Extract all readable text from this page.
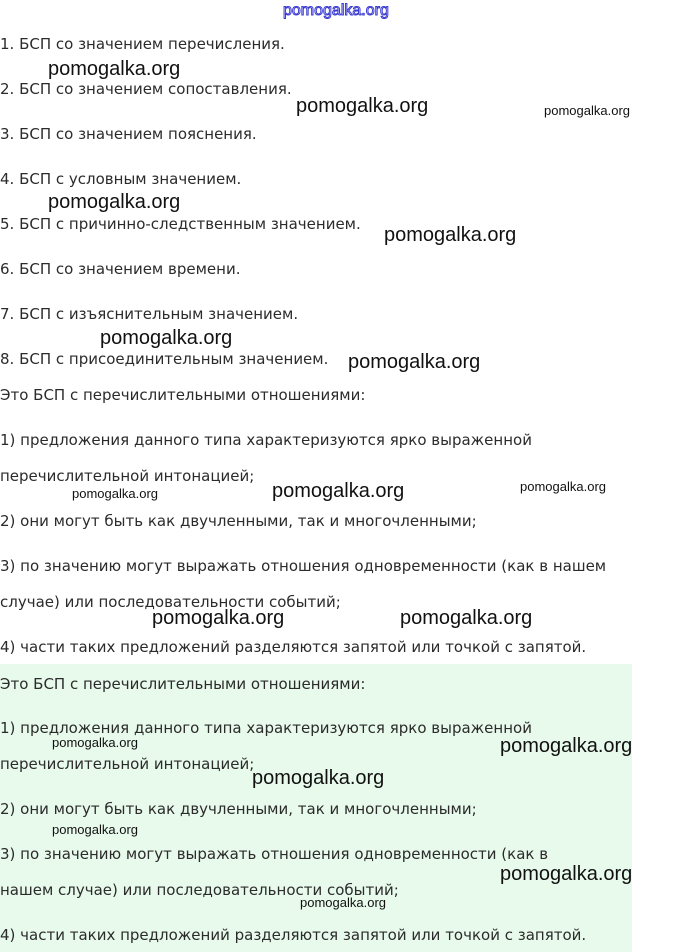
pomogalka.org

1. БСП со значением перечисления.

2. БСП со значением сопоставления.

3. БСП со значением пояснения.

4. БСП с условным значением.

5. БСП с причинно-следственным значением.

6. БСП со значением времени.

7. БСП с изъяснительным значением.

8. БСП с присоединительным значением.

Это БСП с перечислительными отношениями:

1) предложения данного типа характеризуются ярко выраженной

перечислительной интонацией;

2) они могут быть как двучленными, так и многочленными;

3) по значению могут выражать отношения одновременности (как в нашем

случае) или последовательности событий;

4) части таких предложений разделяются запятой или точкой с запятой.

Это БСП с перечислительными отношениями:

1) предложения данного типа характеризуются ярко выраженной

перечислительной интонацией;

2) они могут быть как двучленными, так и многочленными;

3) по значению могут выражать отношения одновременности (как в

нашем случае) или последовательности событий;

4) части таких предложений разделяются запятой или точкой с запятой.

pomogalka.org
pomogalka.org	pomogalka.org
pomogalka.org
pomogalka.org
pomogalka.org
pomogalka.org
pomogalka.org	pomogalka.org	pomogalka.org
pomogalka.org	pomogalka.org
pomogalka.org	pomogalka.org
pomogalka.org
pomogalka.org
pomogalka.org
pomogalka.org
